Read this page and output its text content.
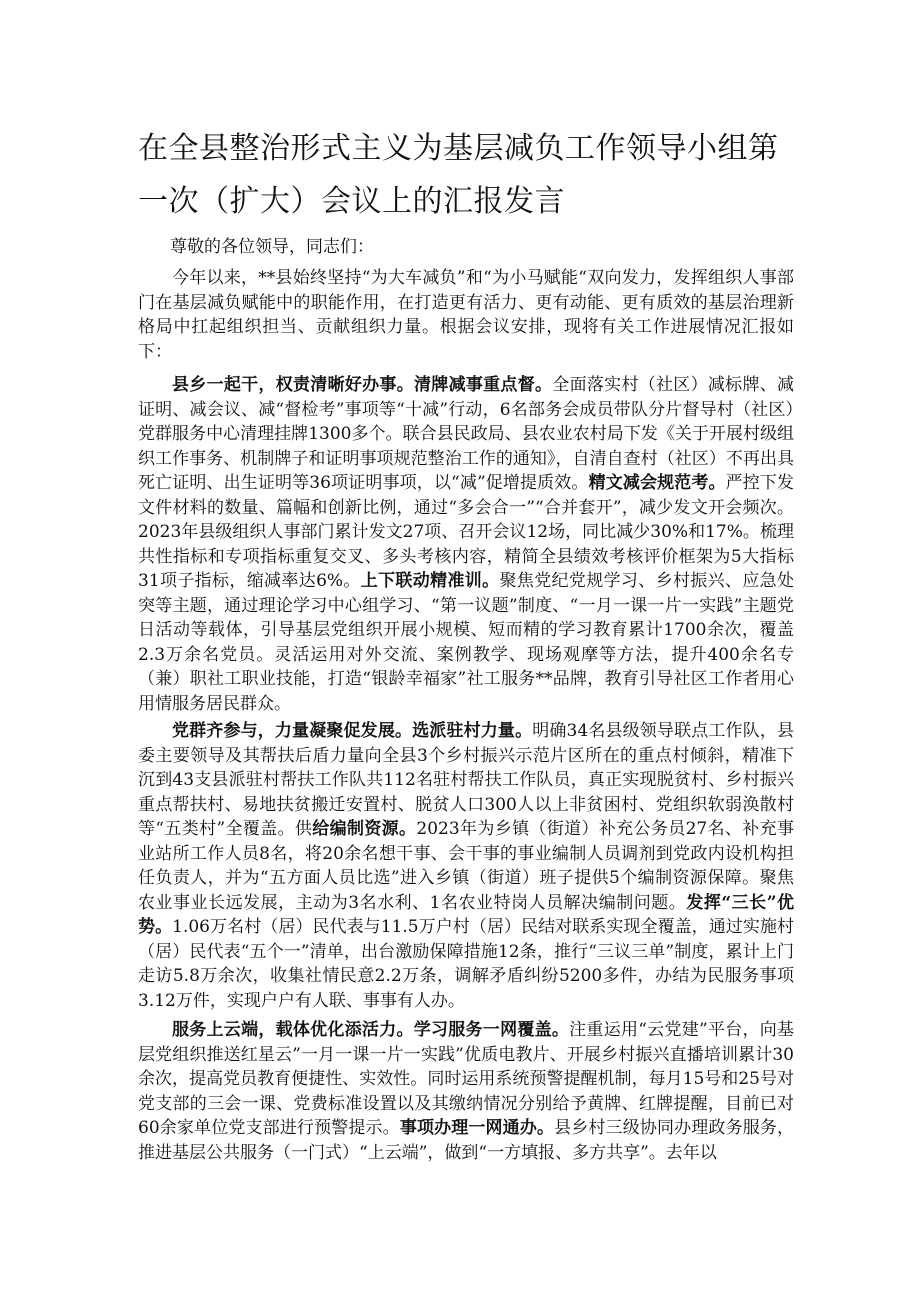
在全县整治形式主义为基层减负工作领导小组第一次（扩大）会议上的汇报发言

尊敬的各位领导，同志们：

今年以来，**县始终坚持“为大车减负”和“为小马赋能“双向发力，发挥组织人事部门在基层减负赋能中的职能作用，在打造更有活力、更有动能、更有质效的基层治理新格局中扛起组织担当、贡献组织力量。根据会议安排，现将有关工作进展情况汇报如下：

县乡一起干，权责清晰好办事。清牌减事重点督。全面落实村（社区）减标牌、减证明、减会议、减“督检考”事项等“十减”行动，6名部务会成员带队分片督导村（社区）党群服务中心清理挂牌1300多个。联合县民政局、县农业农村局下发《关于开展村级组织工作事务、机制牌子和证明事项规范整治工作的通知》，自清自查村（社区）不再出具死亡证明、出生证明等36项证明事项，以“减”促增提质效。精文减会规范考。严控下发文件材料的数量、篇幅和创新比例，通过“多会合一”“合并套开”，减少发文开会频次。2023年县级组织人事部门累计发文27项、召开会议12场，同比减少30%和17%。梳理共性指标和专项指标重复交叉、多头考核内容，精简全县绩效考核评价框架为5大指标31项子指标，缩减率达6%。上下联动精准训。聚焦党纪党规学习、乡村振兴、应急处突等主题，通过理论学习中心组学习、“第一议题”制度、“一月一课一片一实践”主题党日活动等载体，引导基层党组织开展小规模、短而精的学习教育累计1700余次，覆盖2.3万余名党员。灵活运用对外交流、案例教学、现场观摩等方法，提升400余名专（兼）职社工职业技能，打造“银龄幸福家”社工服务**品牌，教育引导社区工作者用心用情服务居民群众。

党群齐参与，力量凝聚促发展。选派驻村力量。明确34名县级领导联点工作队，县委主要领导及其帮扶后盾力量向全县3个乡村振兴示范片区所在的重点村倾斜，精准下沉到43支县派驻村帮扶工作队共112名驻村帮扶工作队员，真正实现脱贫村、乡村振兴重点帮扶村、易地扶贫搬迁安置村、脱贫人口300人以上非贫困村、党组织软弱涣散村等“五类村”全覆盖。供给编制资源。2023年为乡镇（街道）补充公务员27名、补充事业站所工作人员8名，将20余名想干事、会干事的事业编制人员调剂到党政内设机构担任负责人，并为“五方面人员比选”进入乡镇（街道）班子提供5个编制资源保障。聚焦农业事业长远发展，主动为3名水利、1名农业特岗人员解决编制问题。发挥“三长”优势。1.06万名村（居）民代表与11.5万户村（居）民结对联系实现全覆盖，通过实施村（居）民代表“五个一”清单，出台激励保障措施12条，推行“三议三单”制度，累计上门走访5.8万余次，收集社情民意2.2万条，调解矛盾纠纷5200多件，办结为民服务事项3.12万件，实现户户有人联、事事有人办。

服务上云端，载体优化添活力。学习服务一网覆盖。注重运用“云党建”平台，向基层党组织推送红星云”一月一课一片一实践”优质电教片、开展乡村振兴直播培训累计30余次，提高党员教育便捷性、实效性。同时运用系统预警提醒机制，每月15号和25号对党支部的三会一课、党费标准设置以及其缴纳情况分别给予黄牌、红牌提醒，目前已对60余家单位党支部进行预警提示。事项办理一网通办。县乡村三级协同办理政务服务，推进基层公共服务（一门式）“上云端”，做到“一方填报、多方共享”。去年以
